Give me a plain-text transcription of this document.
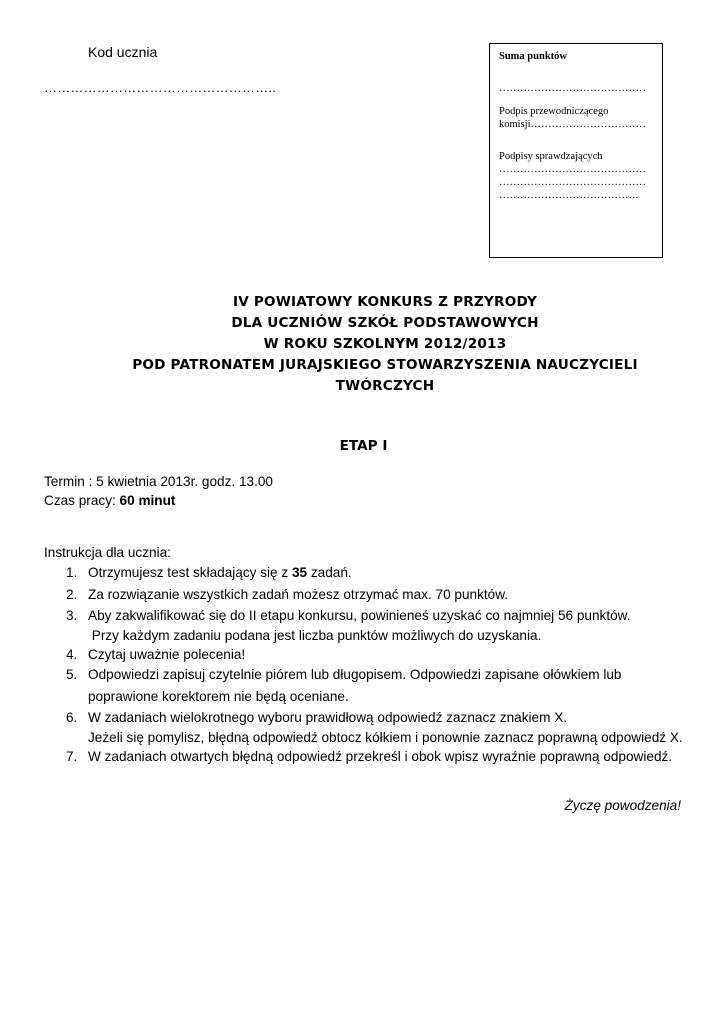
Kod ucznia
……………………………………………..
Suma punktów
……………………………………
Podpis przewodniczącego
komisji……………………………
Podpisy sprawdzających
……………………………………
……………………………………
………………………………….
IV POWIATOWY KONKURS Z PRZYRODY
DLA UCZNIÓW SZKÓŁ PODSTAWOWYCH
W ROKU SZKOLNYM 2012/2013
POD PATRONATEM JURAJSKIEGO STOWARZYSZENIA NAUCZYCIELI
TWÓRCZYCH
ETAP I
Termin : 5 kwietnia 2013r. godz. 13.00
Czas pracy: 60 minut
Instrukcja dla ucznia:
1. Otrzymujesz test składający się z 35 zadań.
2. Za rozwiązanie wszystkich zadań możesz otrzymać max. 70 punktów.
3. Aby zakwalifikować się do II etapu konkursu, powinieneś uzyskać co najmniej 56 punktów.
Przy każdym zadaniu podana jest liczba punktów możliwych do uzyskania.
4. Czytaj uważnie polecenia!
5. Odpowiedzi zapisuj czytelnie piórem lub długopisem. Odpowiedzi zapisane ołówkiem lub
poprawione korektorem nie będą oceniane.
6. W zadaniach wielokrotnego wyboru prawidłową odpowiedź zaznacz znakiem X.
Jeżeli się pomylisz, błędną odpowiedź obtocz kółkiem i ponownie zaznacz poprawną odpowiedź X.
7. W zadaniach otwartych błędną odpowiedź przekreśl i obok wpisz wyraźnie poprawną odpowiedź.
Życzę powodzenia!
